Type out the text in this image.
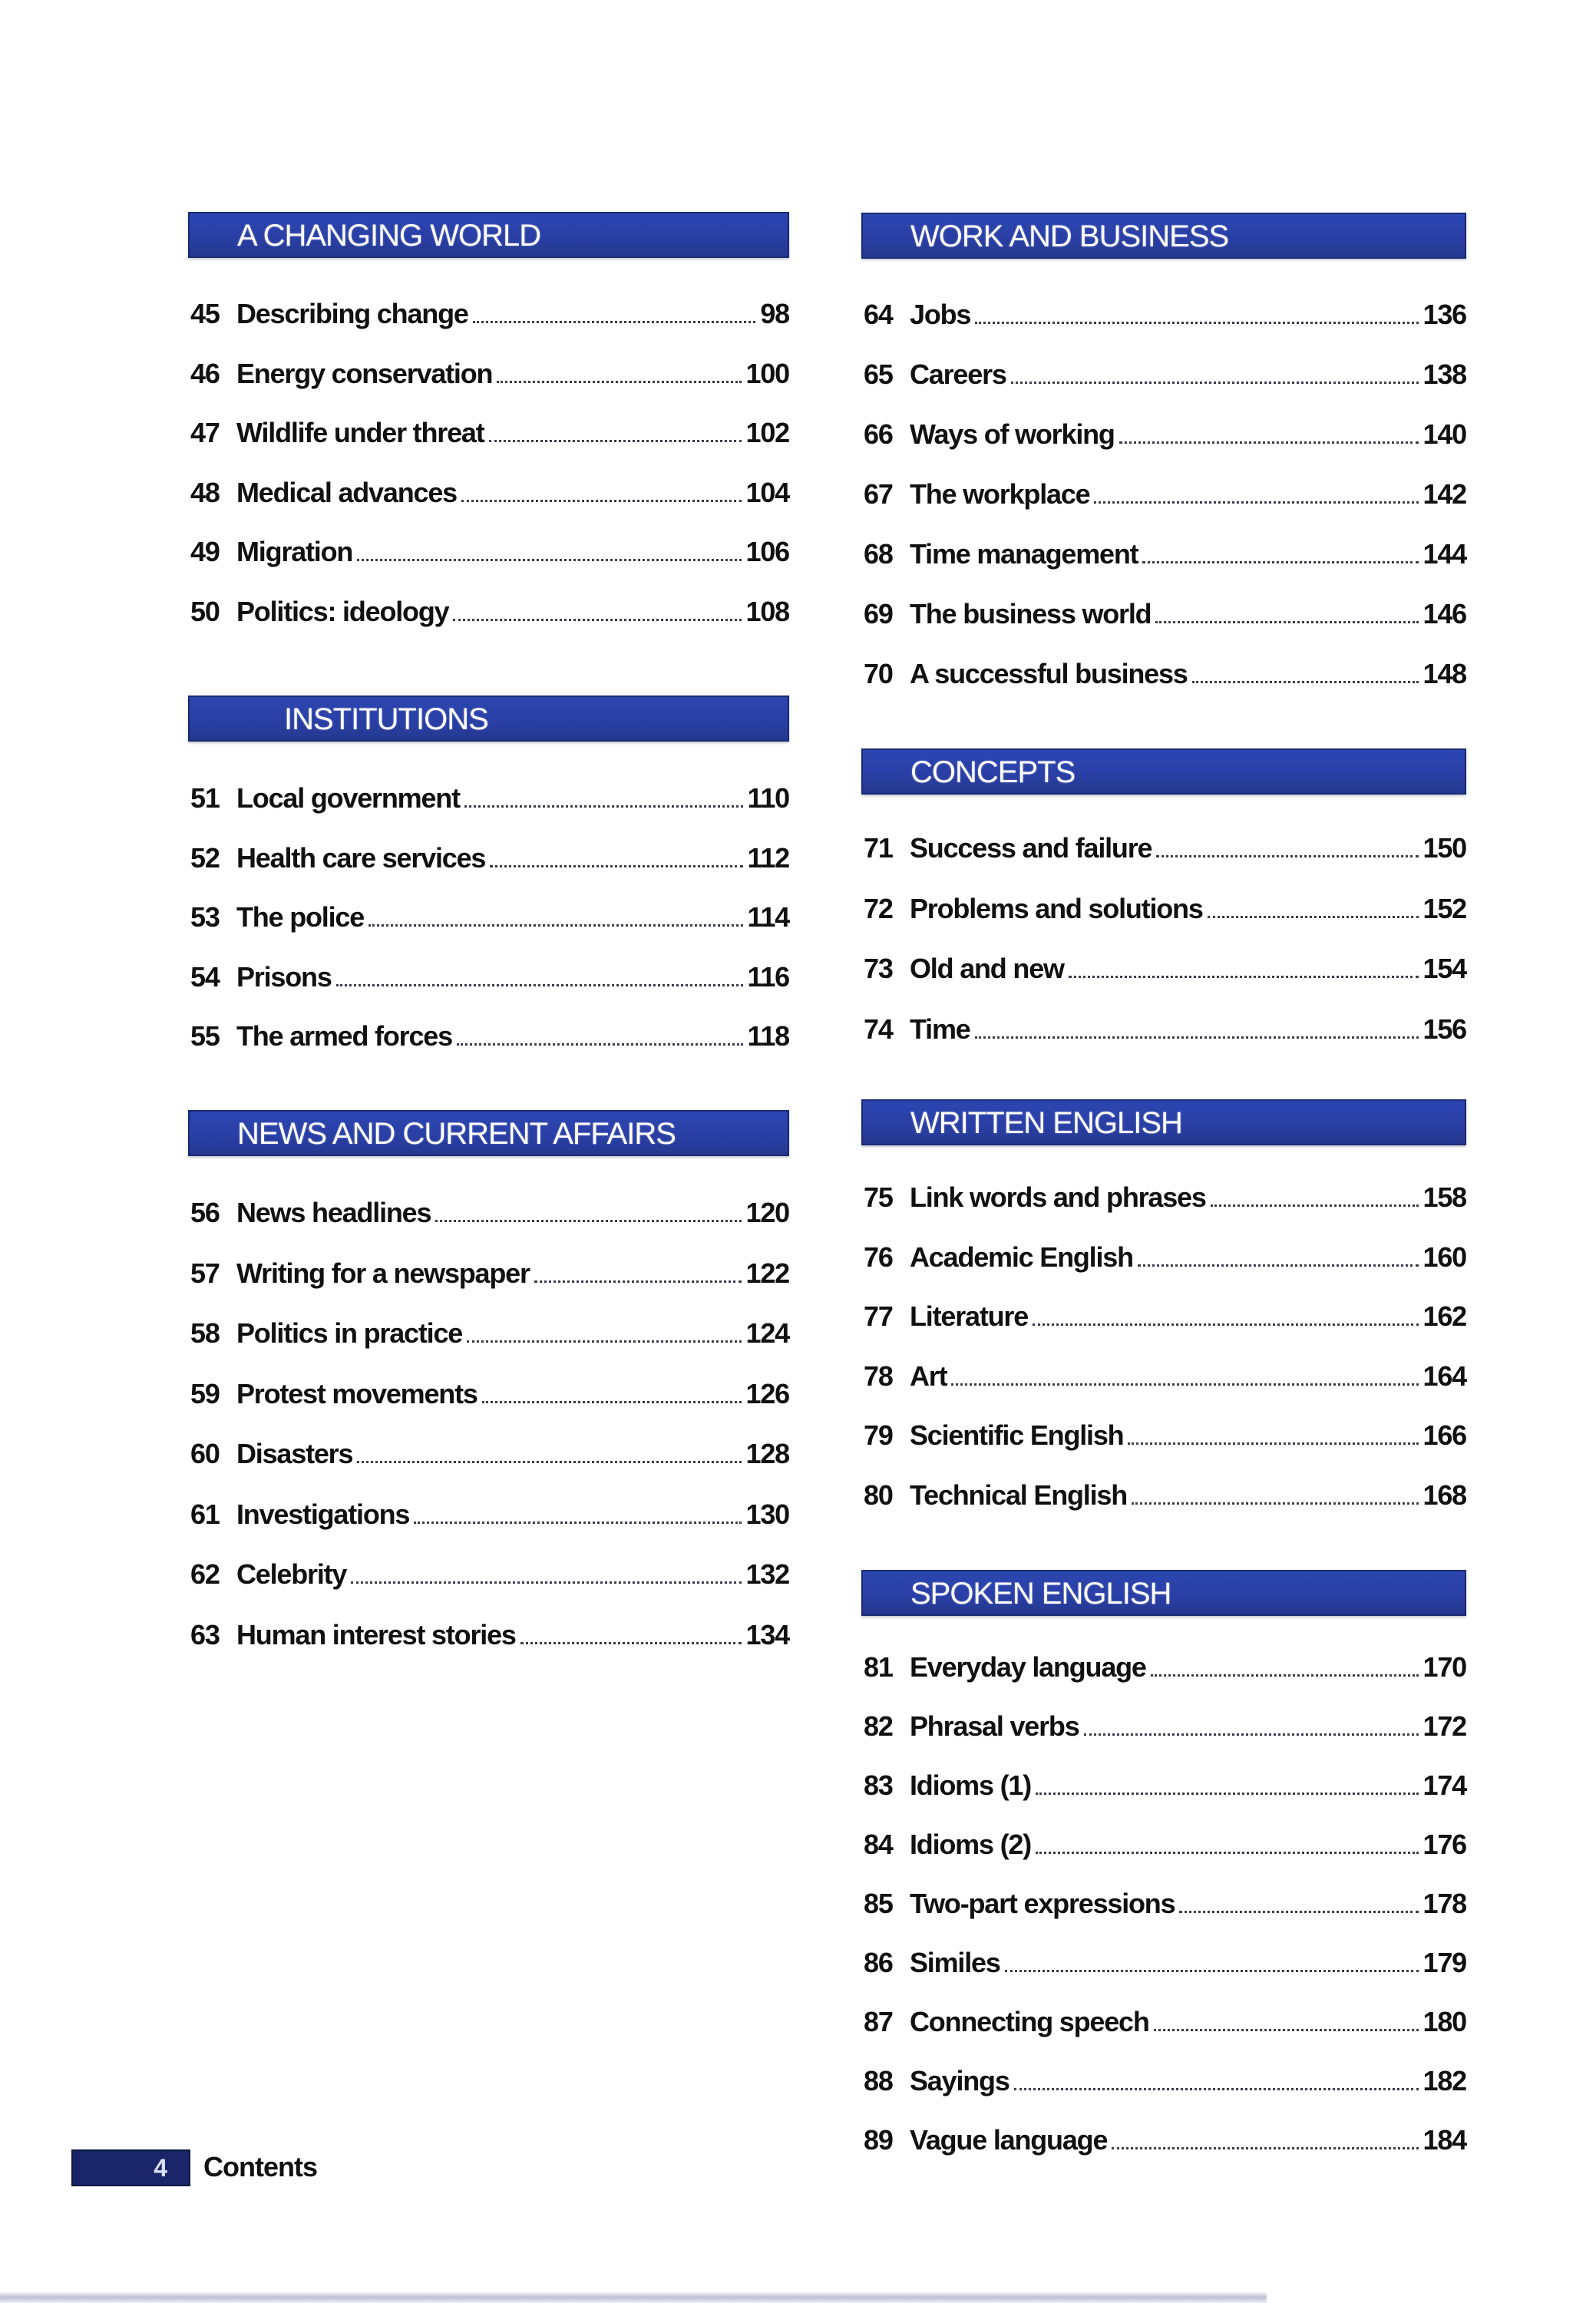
A CHANGING WORLD
45 Describing change	98
46 Energy conservation	100
47 Wildlife under threat	102
48 Medical advances	104
49 Migration	106
50 Politics: ideology	108
INSTITUTIONS
51 Local government	110
52 Health care services	112
53 The police	114
54 Prisons	116
55 The armed forces	118
NEWS AND CURRENT AFFAIRS
56 News headlines	120
57 Writing for a newspaper	122
58 Politics in practice	124
59 Protest movements	126
60 Disasters	128
61 Investigations	130
62 Celebrity	132
63 Human interest stories	134
WORK AND BUSINESS
64 Jobs	136
65 Careers	138
66 Ways of working	140
67 The workplace	142
68 Time management	144
69 The business world	146
70 A successful business	148
CONCEPTS
71 Success and failure	150
72 Problems and solutions	152
73 Old and new	154
74 Time	156
WRITTEN ENGLISH
75 Link words and phrases	158
76 Academic English	160
77 Literature	162
78 Art	164
79 Scientific English	166
80 Technical English	168
SPOKEN ENGLISH
81 Everyday language	170
82 Phrasal verbs	172
83 Idioms (1)	174
84 Idioms (2)	176
85 Two-part expressions	178
86 Similes	179
87 Connecting speech	180
88 Sayings	182
89 Vague language	184
4 Contents
